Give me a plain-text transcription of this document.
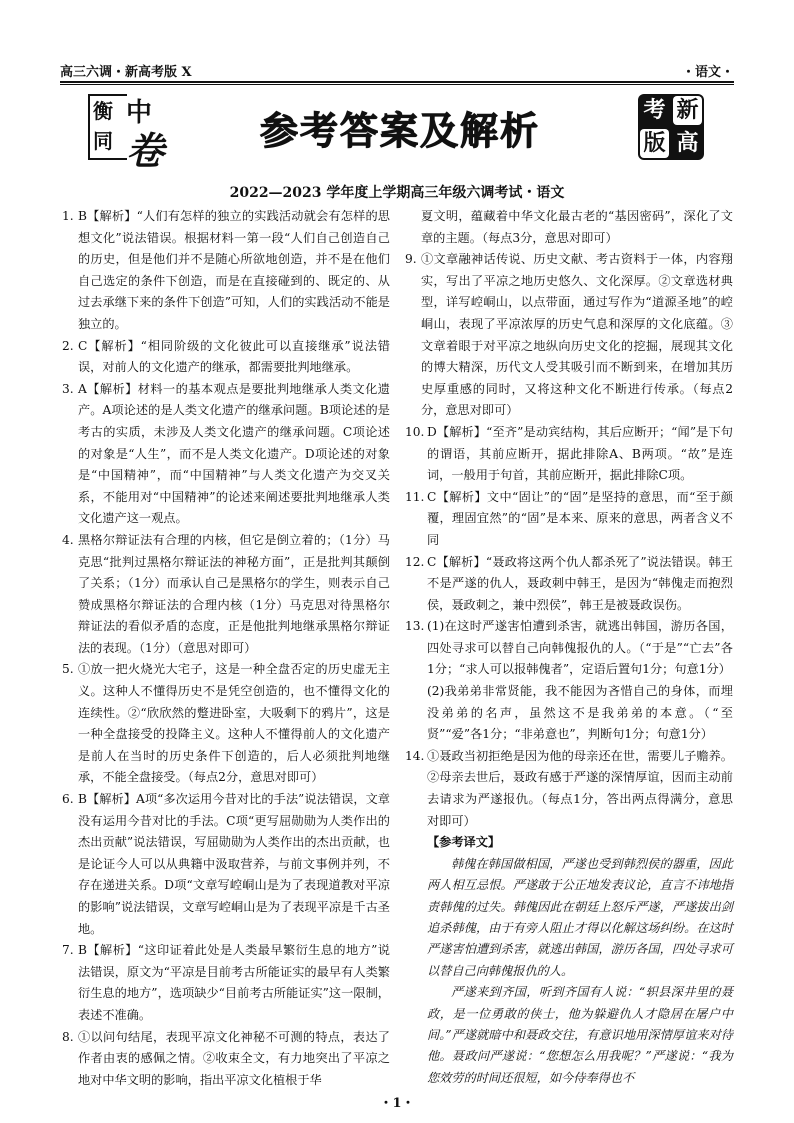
高三六调・新高考版 X	・语文・
衡
同
中
卷	参考答案及解析	考 新
版 高
2022—2023 学年度上学期高三年级六调考试・语文

1. B【解析】“人们有怎样的独立的实践活动就会有怎样的思想文化”说法错误。根据材料一第一段“人们自己创造自己的历史，但是他们并不是随心所欲地创造，并不是在他们自己选定的条件下创造，而是在直接碰到的、既定的、从过去承继下来的条件下创造”可知，人们的实践活动不能是独立的。

2. C【解析】“相同阶级的文化彼此可以直接继承”说法错误，对前人的文化遗产的继承，都需要批判地继承。

3. A【解析】材料一的基本观点是要批判地继承人类文化遗产。A项论述的是人类文化遗产的继承问题。B项论述的是考古的实质，未涉及人类文化遗产的继承问题。C项论述的对象是“人生”，而不是人类文化遗产。D项论述的对象是“中国精神”，而“中国精神”与人类文化遗产为交叉关系，不能用对“中国精神”的论述来阐述要批判地继承人类文化遗产这一观点。

4. 黑格尔辩证法有合理的内核，但它是倒立着的；（1分）马克思“批判过黑格尔辩证法的神秘方面”，正是批判其颠倒了关系；（1分）而承认自己是黑格尔的学生，则表示自己赞成黑格尔辩证法的合理内核（1分）马克思对待黑格尔辩证法的看似矛盾的态度，正是他批判地继承黑格尔辩证法的表现。（1分）（意思对即可）

5. ①放一把火烧光大宅子，这是一种全盘否定的历史虚无主义。这种人不懂得历史不是凭空创造的，也不懂得文化的连续性。②“欣欣然的蹩进卧室，大吸剩下的鸦片”，这是一种全盘接受的投降主义。这种人不懂得前人的文化遗产是前人在当时的历史条件下创造的，后人必须批判地继承，不能全盘接受。（每点2分，意思对即可）

6. B【解析】A项“多次运用今昔对比的手法”说法错误，文章没有运用今昔对比的手法。C项“更写屈勋勋为人类作出的杰出贡献”说法错误，写屈勋勋为人类作出的杰出贡献，也是论证今人可以从典籍中汲取营养，与前文事例并列，不存在递进关系。D项“文章写崆峒山是为了表现道教对平凉的影响”说法错误，文章写崆峒山是为了表现平凉是千古圣地。

7. B【解析】“这印证着此处是人类最早繁衍生息的地方”说法错误，原文为“平凉是目前考古所能证实的最早有人类繁衍生息的地方”，选项缺少“目前考古所能证实”这一限制，表述不准确。

8. ①以问句结尾，表现平凉文化神秘不可测的特点，表达了作者由衷的感佩之情。②收束全文，有力地突出了平凉之地对中华文明的影响，指出平凉文化植根于华

夏文明，蕴藏着中华文化最古老的“基因密码”，深化了文章的主题。（每点3分，意思对即可）

9. ①文章融神话传说、历史文献、考古资料于一体，内容翔实，写出了平凉之地历史悠久、文化深厚。②文章选材典型，详写崆峒山，以点带面，通过写作为“道源圣地”的崆峒山，表现了平凉浓厚的历史气息和深厚的文化底蕴。③文章着眼于对平凉之地纵向历史文化的挖掘，展现其文化的博大精深，历代文人受其吸引而不断到来，在增加其历史厚重感的同时，又将这种文化不断进行传承。（每点2分，意思对即可）

10. D【解析】“至齐”是动宾结构，其后应断开；“闻”是下句的谓语，其前应断开，据此排除A、B两项。“故”是连词，一般用于句首，其前应断开，据此排除C项。

11. C【解析】文中“固让”的“固”是坚持的意思，而“至于颜覆，理固宜然”的“固”是本来、原来的意思，两者含义不同

12. C【解析】“聂政将这两个仇人都杀死了”说法错误。韩王不是严遂的仇人，聂政刺中韩王，是因为“韩傀走而抱烈侯，聂政刺之，兼中烈侯”，韩王是被聂政误伤。

13. (1)在这时严遂害怕遭到杀害，就逃出韩国，游历各国，四处寻求可以替自己向韩傀报仇的人。（“于是”“亡去”各1分；“求人可以报韩傀者”，定语后置句1分；句意1分）

(2)我弟弟非常贤能，我不能因为吝惜自己的身体，而埋没弟弟的名声，虽然这不是我弟弟的本意。（“至贤”“爱”各1分；“非弟意也”，判断句1分；句意1分）

14. ①聂政当初拒绝是因为他的母亲还在世，需要儿子赡养。②母亲去世后，聂政有感于严遂的深情厚谊，因而主动前去请求为严遂报仇。（每点1分，答出两点得满分，意思对即可）

【参考译文】

韩傀在韩国做相国，严遂也受到韩烈侯的器重，因此两人相互忌恨。严遂敢于公正地发表议论，直言不讳地指责韩傀的过失。韩傀因此在朝廷上怒斥严遂，严遂拔出剑追杀韩傀，由于有旁人阻止才得以化解这场纠纷。在这时严遂害怕遭到杀害，就逃出韩国，游历各国，四处寻求可以替自己向韩傀报仇的人。

严遂来到齐国，听到齐国有人说：“轵县深井里的聂政，是一位勇敢的侠士，他为躲避仇人才隐居在屠户中间。”严遂就暗中和聂政交往，有意识地用深情厚谊来对待他。聂政问严遂说：“您想怎么用我呢？”严遂说：“我为您效劳的时间还很短，如今侍奉得也不

・1・
